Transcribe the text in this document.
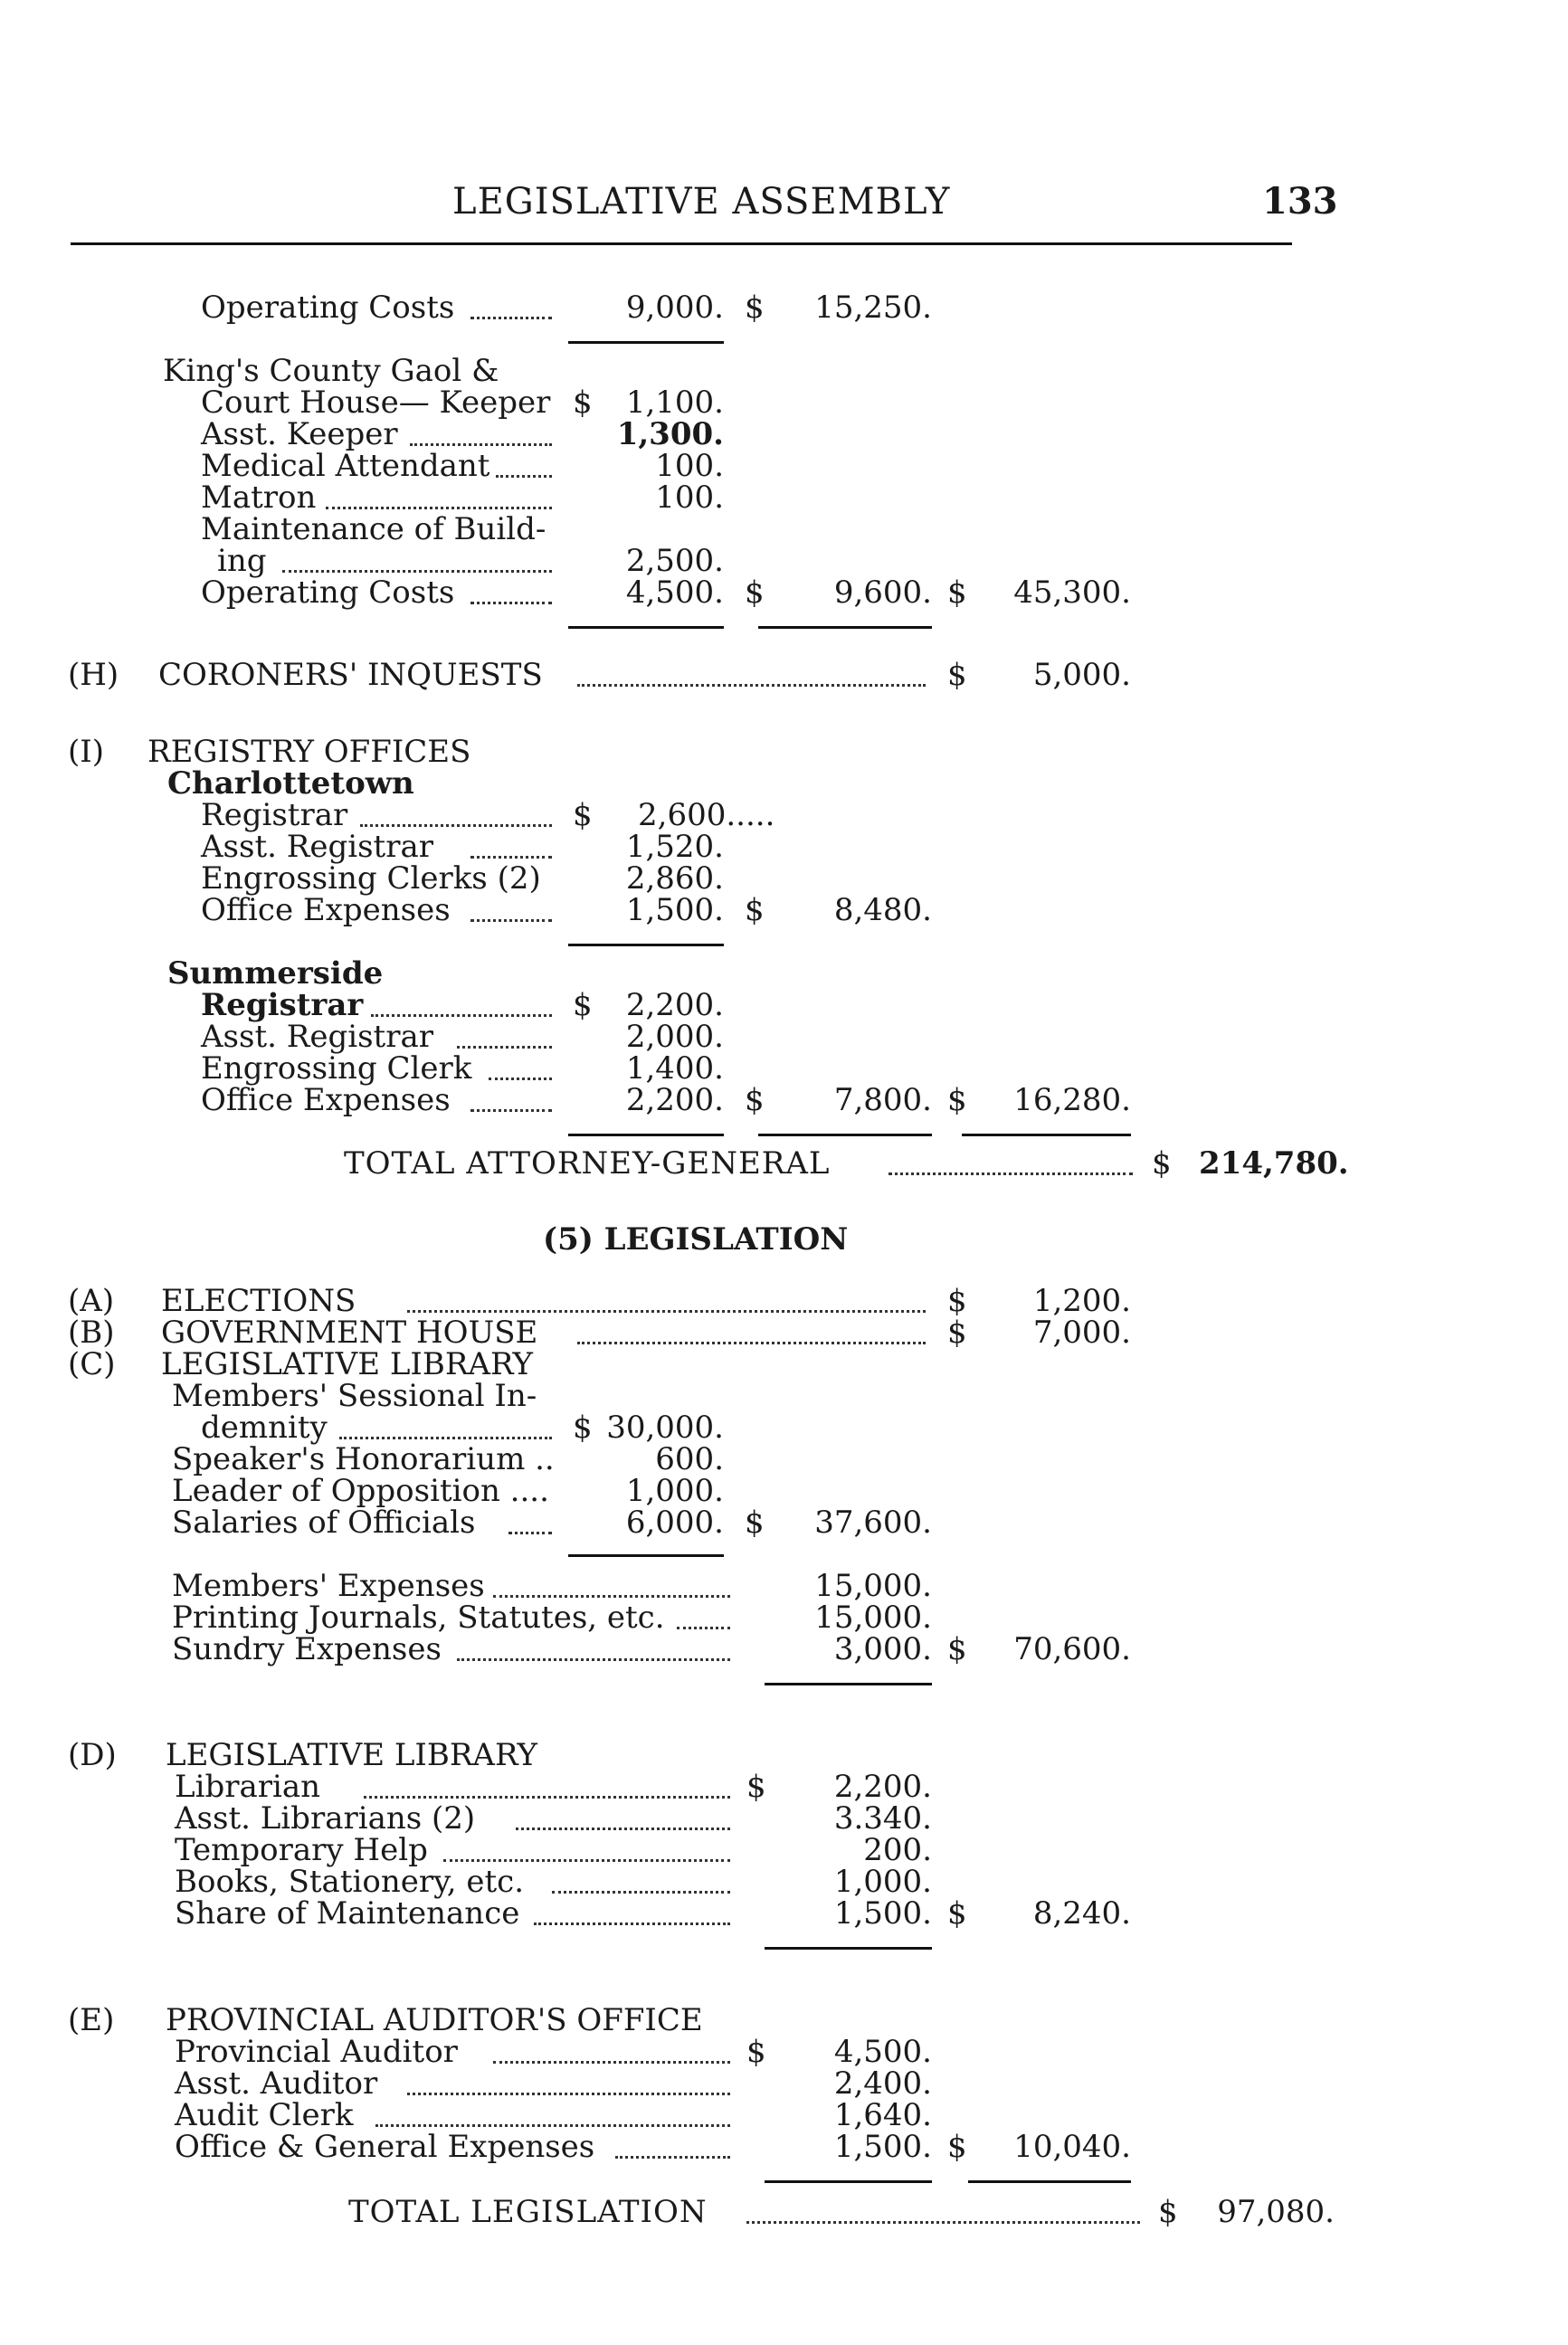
LEGISLATIVE ASSEMBLY	133
Operating Costs	9,000. $	15,250.
King's County Gaol &
Court House— Keeper $	1,100.
Asst. Keeper	1,300.
Medical Attendant	100.
Matron	100.
Maintenance of Build-
ing	2,500.
Operating Costs	4,500. $	9,600. $	45,300.
(H) CORONERS' INQUESTS	$	5,000.
(I) REGISTRY OFFICES
Charlottetown
Registrar	$ 2,600.....
Asst. Registrar	1,520.
Engrossing Clerks (2)	2,860.
Office Expenses	1,500. $	8,480.
Summerside
Registrar	$	2,200.
Asst. Registrar	2,000.
Engrossing Clerk	1,400.
Office Expenses	2,200. $	7,800. $	16,280.
TOTAL ATTORNEY-GENERAL	$ 214,780.
(5) LEGISLATION
(A) ELECTIONS	$	1,200.
(B) GOVERNMENT HOUSE	$	7,000.
(C) LEGISLATIVE LIBRARY
Members' Sessional In-
demnity	$ 30,000.
Speaker's Honorarium ..	600.
Leader of Opposition ....	1,000.
Salaries of Officials	6,000. $	37,600.
Members' Expenses	15,000.
Printing Journals, Statutes, etc.	15,000.
Sundry Expenses	3,000. $	70,600.
(D) LEGISLATIVE LIBRARY
Librarian	$	2,200.
Asst. Librarians (2)	3.340.
Temporary Help	200.
Books, Stationery, etc.	1,000.
Share of Maintenance	1,500. $	8,240.
(E) PROVINCIAL AUDITOR'S OFFICE
Provincial Auditor	$	4,500.
Asst. Auditor	2,400.
Audit Clerk	1,640.
Office & General Expenses	1,500. $	10,040.
TOTAL LEGISLATION	$	97,080.
